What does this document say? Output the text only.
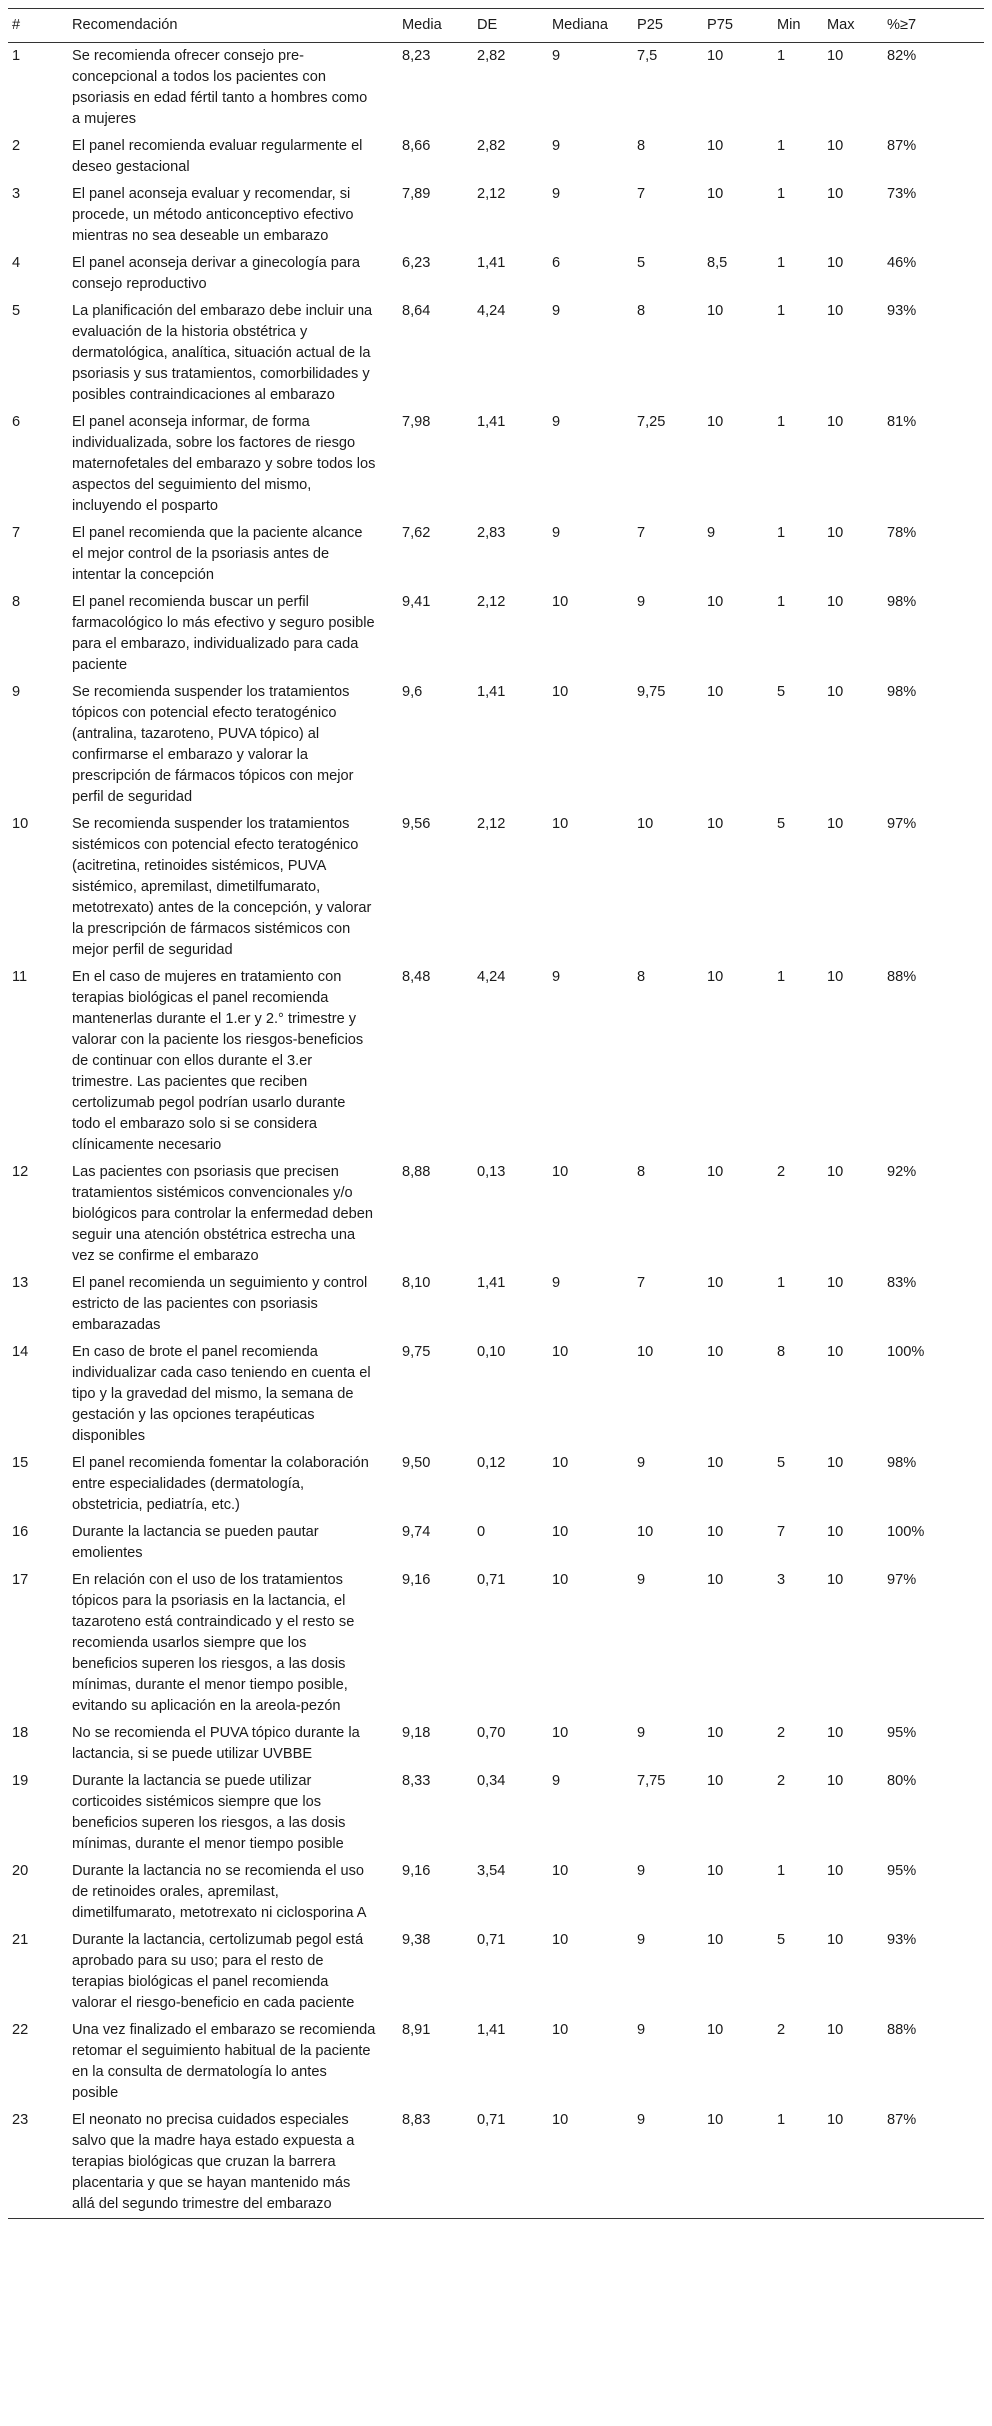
#	Recomendación	Media	DE	Mediana	P25	P75	Min	Max	%≥7
1	Se recomienda ofrecer consejo pre-concepcional a todos los pacientes con psoriasis en edad fértil tanto a hombres como a mujeres	8,23	2,82	9	7,5	10	1	10	82%
2	El panel recomienda evaluar regularmente el deseo gestacional	8,66	2,82	9	8	10	1	10	87%
3	El panel aconseja evaluar y recomendar, si procede, un método anticonceptivo efectivo mientras no sea deseable un embarazo	7,89	2,12	9	7	10	1	10	73%
4	El panel aconseja derivar a ginecología para consejo reproductivo	6,23	1,41	6	5	8,5	1	10	46%
5	La planificación del embarazo debe incluir una evaluación de la historia obstétrica y dermatológica, analítica, situación actual de la psoriasis y sus tratamientos, comorbilidades y posibles contraindicaciones al embarazo	8,64	4,24	9	8	10	1	10	93%
6	El panel aconseja informar, de forma individualizada, sobre los factores de riesgo maternofetales del embarazo y sobre todos los aspectos del seguimiento del mismo, incluyendo el posparto	7,98	1,41	9	7,25	10	1	10	81%
7	El panel recomienda que la paciente alcance el mejor control de la psoriasis antes de intentar la concepción	7,62	2,83	9	7	9	1	10	78%
8	El panel recomienda buscar un perfil farmacológico lo más efectivo y seguro posible para el embarazo, individualizado para cada paciente	9,41	2,12	10	9	10	1	10	98%
9	Se recomienda suspender los tratamientos tópicos con potencial efecto teratogénico (antralina, tazaroteno, PUVA tópico) al confirmarse el embarazo y valorar la prescripción de fármacos tópicos con mejor perfil de seguridad	9,6	1,41	10	9,75	10	5	10	98%
10	Se recomienda suspender los tratamientos sistémicos con potencial efecto teratogénico (acitretina, retinoides sistémicos, PUVA sistémico, apremilast, dimetilfumarato, metotrexato) antes de la concepción, y valorar la prescripción de fármacos sistémicos con mejor perfil de seguridad	9,56	2,12	10	10	10	5	10	97%
11	En el caso de mujeres en tratamiento con terapias biológicas el panel recomienda mantenerlas durante el 1.er y 2.° trimestre y valorar con la paciente los riesgos-beneficios de continuar con ellos durante el 3.er trimestre. Las pacientes que reciben certolizumab pegol podrían usarlo durante todo el embarazo solo si se considera clínicamente necesario	8,48	4,24	9	8	10	1	10	88%
12	Las pacientes con psoriasis que precisen tratamientos sistémicos convencionales y/o biológicos para controlar la enfermedad deben seguir una atención obstétrica estrecha una vez se confirme el embarazo	8,88	0,13	10	8	10	2	10	92%
13	El panel recomienda un seguimiento y control estricto de las pacientes con psoriasis embarazadas	8,10	1,41	9	7	10	1	10	83%
14	En caso de brote el panel recomienda individualizar cada caso teniendo en cuenta el tipo y la gravedad del mismo, la semana de gestación y las opciones terapéuticas disponibles	9,75	0,10	10	10	10	8	10	100%
15	El panel recomienda fomentar la colaboración entre especialidades (dermatología, obstetricia, pediatría, etc.)	9,50	0,12	10	9	10	5	10	98%
16	Durante la lactancia se pueden pautar emolientes	9,74	0	10	10	10	7	10	100%
17	En relación con el uso de los tratamientos tópicos para la psoriasis en la lactancia, el tazaroteno está contraindicado y el resto se recomienda usarlos siempre que los beneficios superen los riesgos, a las dosis mínimas, durante el menor tiempo posible, evitando su aplicación en la areola-pezón	9,16	0,71	10	9	10	3	10	97%
18	No se recomienda el PUVA tópico durante la lactancia, si se puede utilizar UVBBE	9,18	0,70	10	9	10	2	10	95%
19	Durante la lactancia se puede utilizar corticoides sistémicos siempre que los beneficios superen los riesgos, a las dosis mínimas, durante el menor tiempo posible	8,33	0,34	9	7,75	10	2	10	80%
20	Durante la lactancia no se recomienda el uso de retinoides orales, apremilast, dimetilfumarato, metotrexato ni ciclosporina A	9,16	3,54	10	9	10	1	10	95%
21	Durante la lactancia, certolizumab pegol está aprobado para su uso; para el resto de terapias biológicas el panel recomienda valorar el riesgo-beneficio en cada paciente	9,38	0,71	10	9	10	5	10	93%
22	Una vez finalizado el embarazo se recomienda retomar el seguimiento habitual de la paciente en la consulta de dermatología lo antes posible	8,91	1,41	10	9	10	2	10	88%
23	El neonato no precisa cuidados especiales salvo que la madre haya estado expuesta a terapias biológicas que cruzan la barrera placentaria y que se hayan mantenido más allá del segundo trimestre del embarazo	8,83	0,71	10	9	10	1	10	87%
